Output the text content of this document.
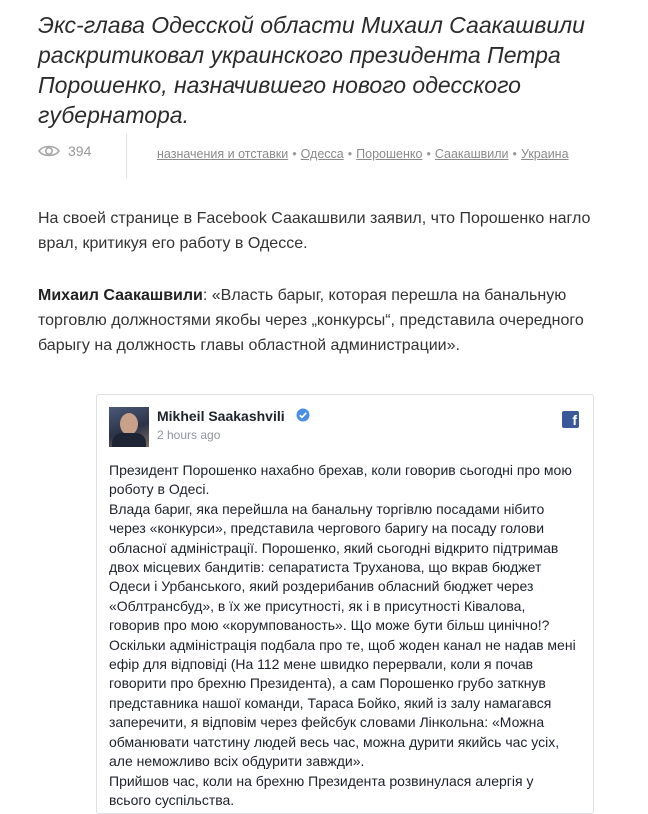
Экс-глава Одесской области Михаил Саакашвили раскритиковал украинского президента Петра Порошенко, назначившего нового одесского губернатора.
394	назначения и отставки • Одесса • Порошенко • Саакашвили • Украина

На своей странице в Facebook Саакашвили заявил, что Порошенко нагло врал, критикуя его работу в Одессе.

Михаил Саакашвили: «Власть барыг, которая перешла на банальную торговлю должностями якобы через „конкурсы“, представила очередного барыгу на должность главы областной администрации».

Mikheil Saakashvili
2 hours ago
f

Президент Порошенко нахабно брехав, коли говорив сьогодні про мою роботу в Одесі.

Влада бариг, яка перейшла на банальну торгівлю посадами нібито через «конкурси», представила чергового баригу на посаду голови обласної адміністрації. Порошенко, який сьогодні відкрито підтримав двох місцевих бандитів: сепаратиста Труханова, що вкрав бюджет Одеси і Урбанського, який роздерибанив обласний бюджет через «Облтрансбуд», в їх же присутності, як і в присутності Ківалова, говорив про мою «корумпованость». Що може бути більш цинічно!?

Оскільки адміністрація подбала про те, щоб жоден канал не надав мені ефір для відповіді (На 112 мене швидко перервали, коли я почав говорити про брехню Президента), а сам Порошенко грубо заткнув представника нашої команди, Тараса Бойко, який із залу намагався заперечити, я відповім через фейсбук словами Лінкольна: «Можна обманювати чатстину людей весь час, можна дурити якийсь час усіх, але неможливо всіх обдурити завжди».

Прийшов час, коли на брехню Президента розвинулася алергія у всього суспільства.
